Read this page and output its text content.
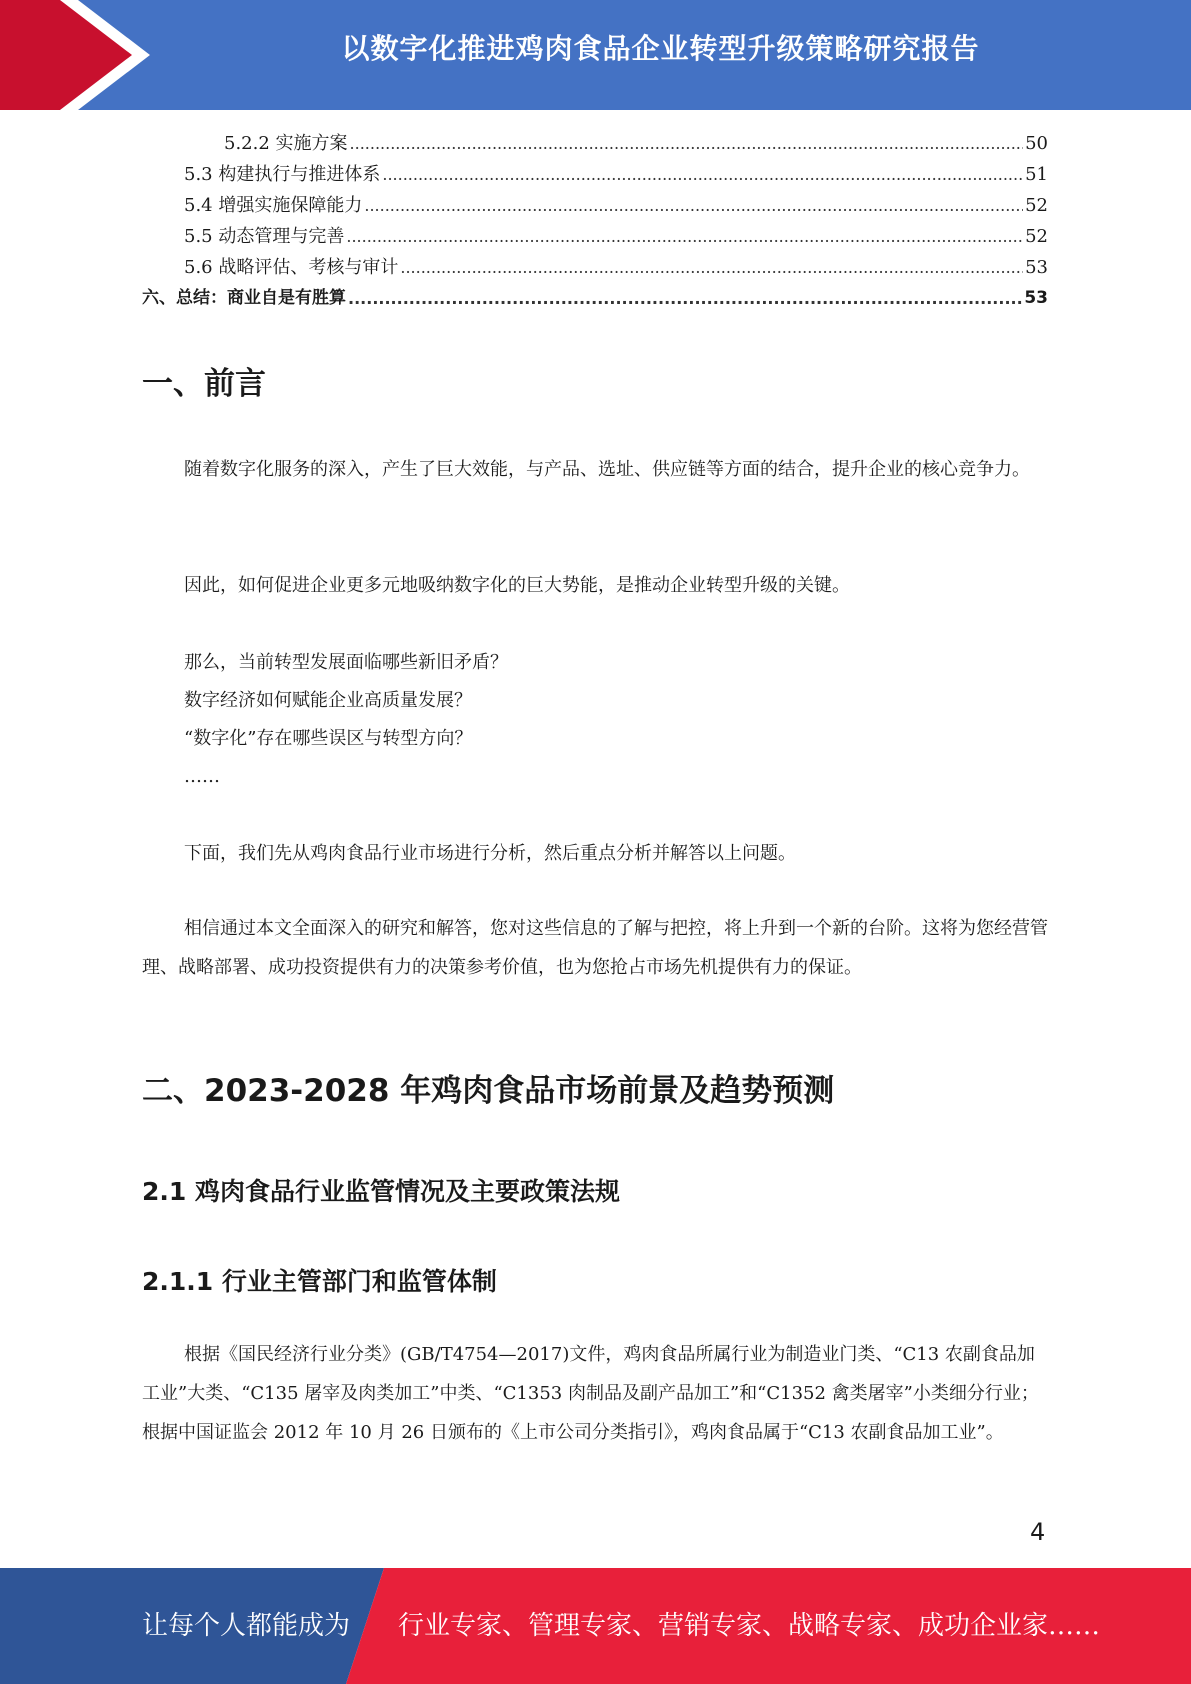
以数字化推进鸡肉食品企业转型升级策略研究报告
5.2.2 实施方案 .....	50
5.3 构建执行与推进体系 .....	51
5.4 增强实施保障能力 .....	52
5.5 动态管理与完善 .....	52
5.6 战略评估、考核与审计 .....	53
六、总结：商业自是有胜算 .....	53
一、前言
随着数字化服务的深入，产生了巨大效能，与产品、选址、供应链等方面的结合，提升企业的核心竞争力。
因此，如何促进企业更多元地吸纳数字化的巨大势能，是推动企业转型升级的关键。
那么，当前转型发展面临哪些新旧矛盾？
数字经济如何赋能企业高质量发展？
“数字化”存在哪些误区与转型方向？
……
下面，我们先从鸡肉食品行业市场进行分析，然后重点分析并解答以上问题。
相信通过本文全面深入的研究和解答，您对这些信息的了解与把控，将上升到一个新的台阶。这将为您经营管理、战略部署、成功投资提供有力的决策参考价值，也为您抢占市场先机提供有力的保证。
二、2023-2028 年鸡肉食品市场前景及趋势预测
2.1 鸡肉食品行业监管情况及主要政策法规
2.1.1 行业主管部门和监管体制
根据《国民经济行业分类》(GB/T4754—2017)文件，鸡肉食品所属行业为制造业门类、“C13 农副食品加工业”大类、“C135 屠宰及肉类加工”中类、“C1353 肉制品及副产品加工”和“C1352 禽类屠宰”小类细分行业；根据中国证监会 2012 年 10 月 26 日颁布的《上市公司分类指引》，鸡肉食品属于“C13 农副食品加工业”。
4
让每个人都能成为 行业专家、管理专家、营销专家、战略专家、成功企业家……
